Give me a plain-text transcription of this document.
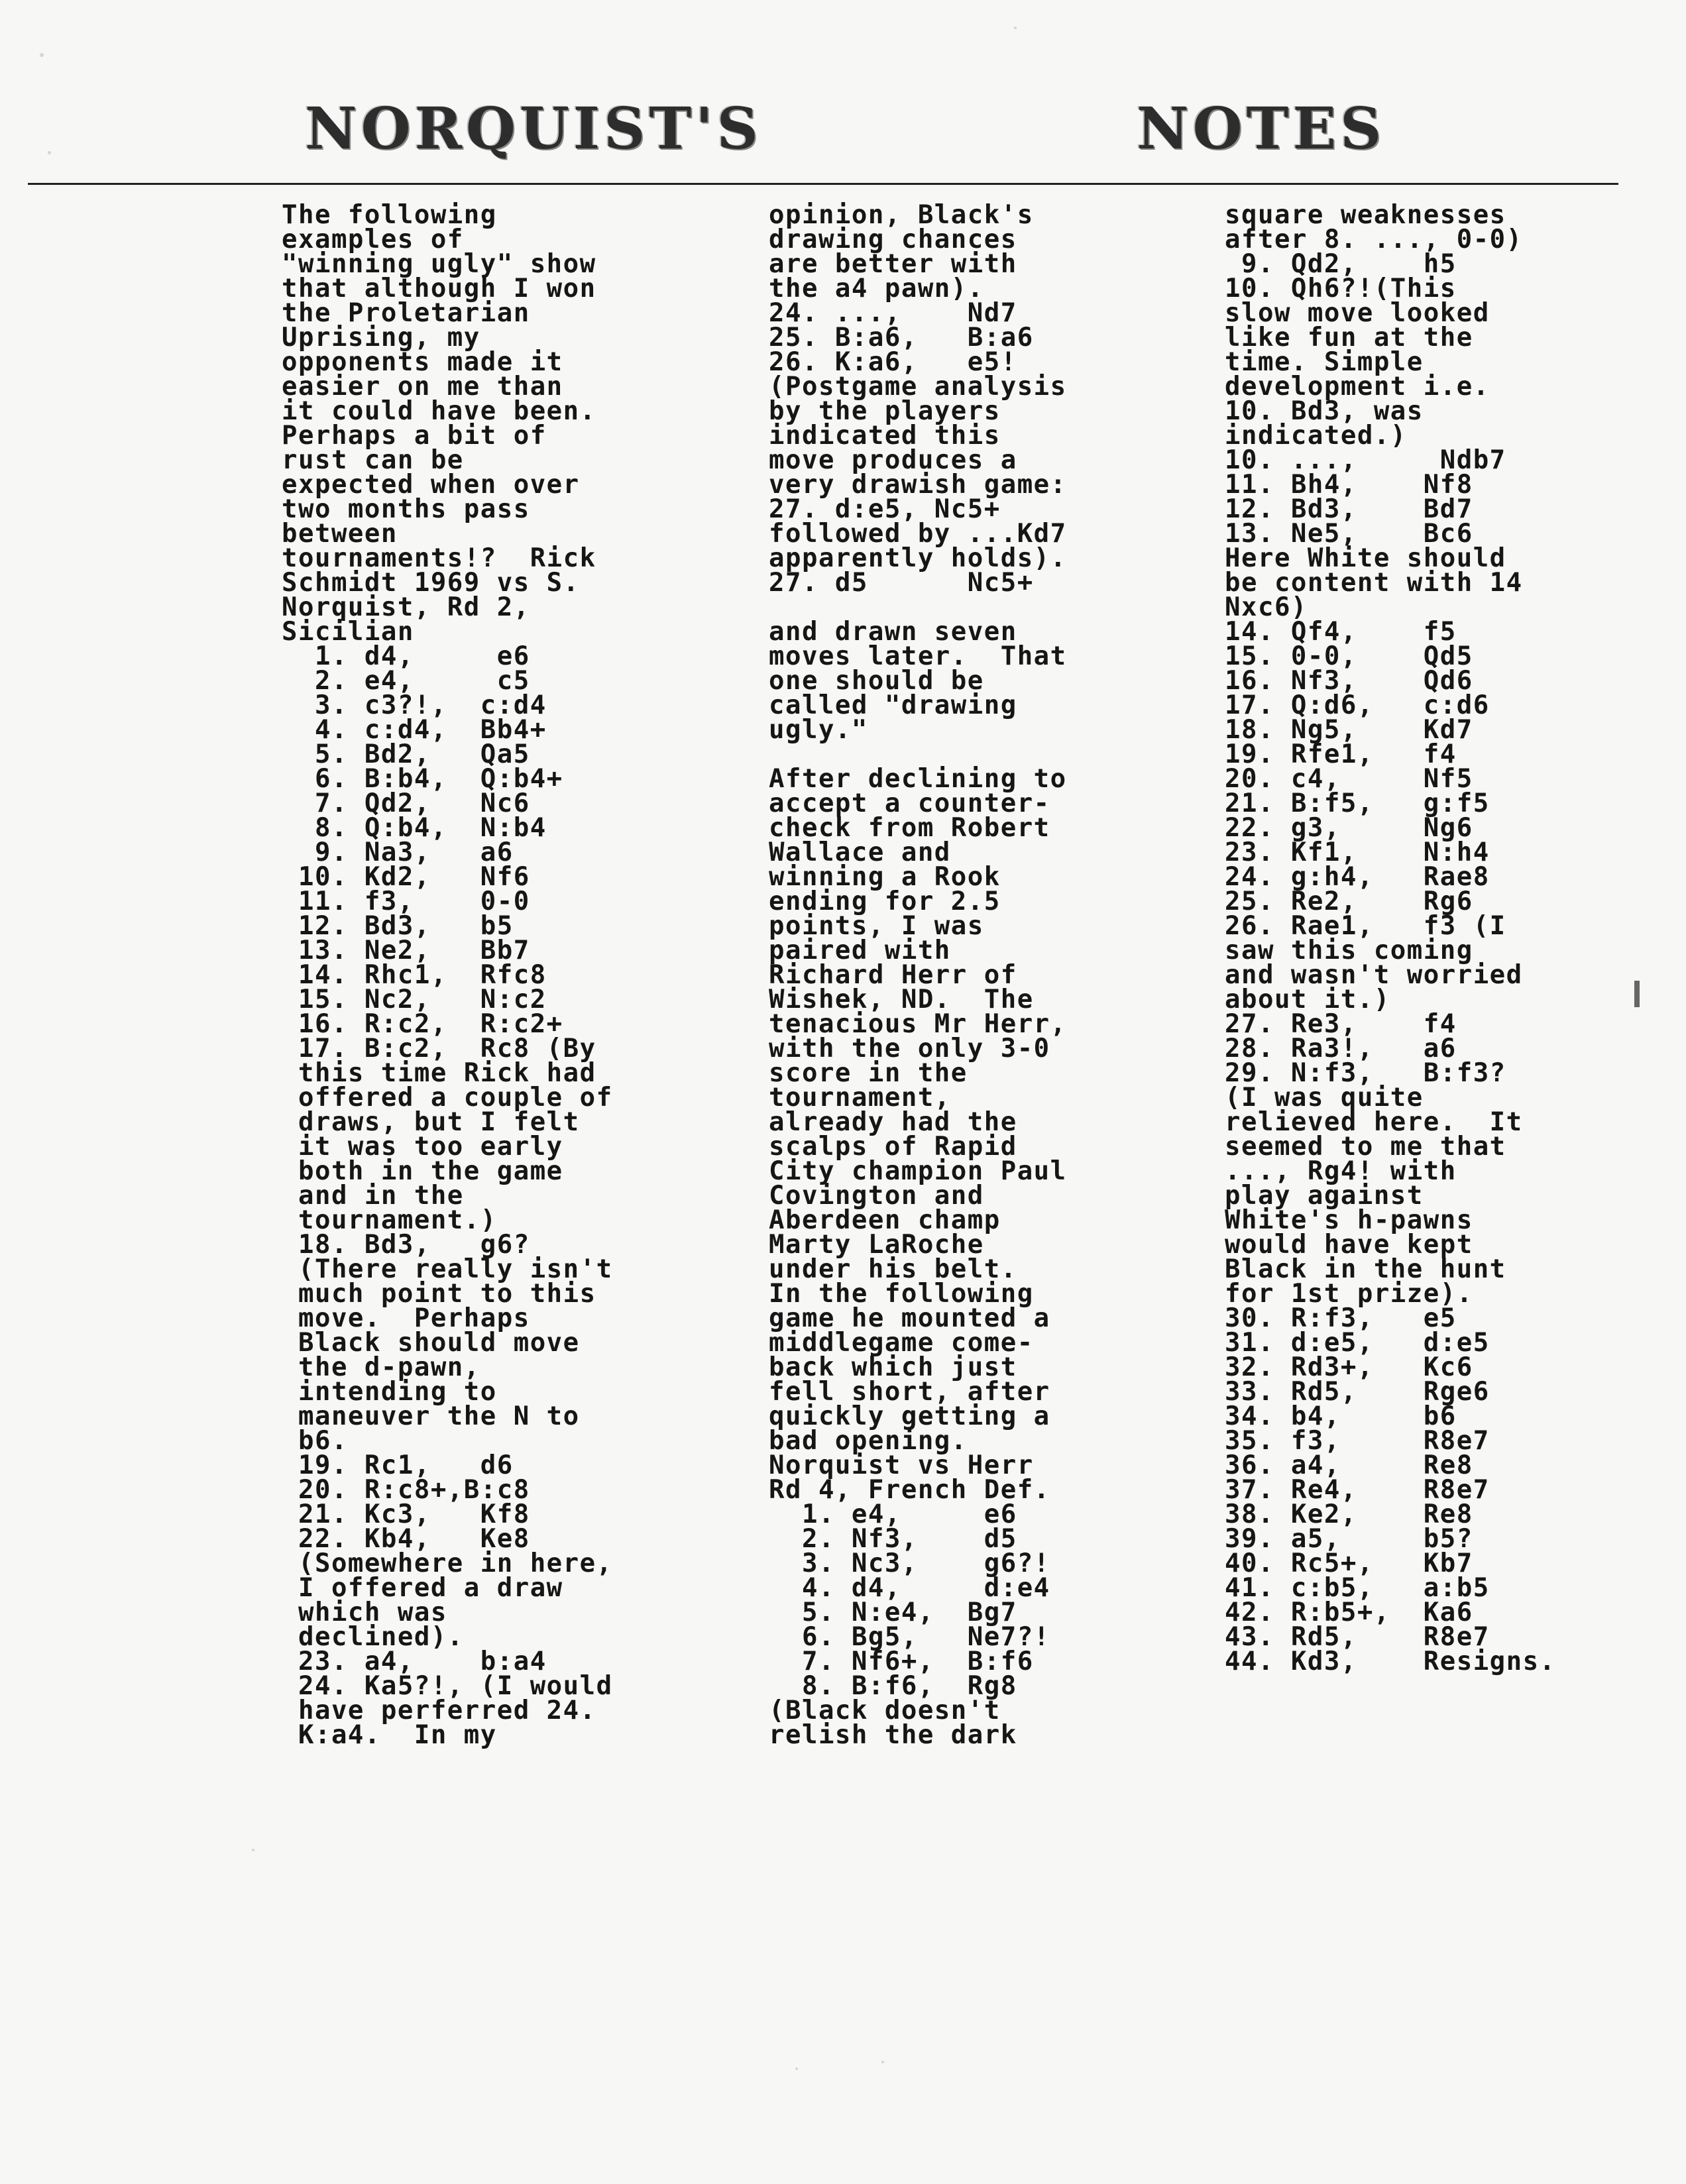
NORQUIST'S	NOTES
The following
examples of
"winning ugly" show
that although I won
the Proletarian
Uprising, my
opponents made it
easier on me than
it could have been.
Perhaps a bit of
rust can be
expected when over
two months pass
between
tournaments!?  Rick
Schmidt 1969 vs S.
Norquist, Rd 2,
Sicilian
1. d4,     e6
2. e4,     c5
3. c3?!,  c:d4
4. c:d4,  Bb4+
5. Bd2,   Qa5
6. B:b4,  Q:b4+
7. Qd2,   Nc6
8. Q:b4,  N:b4
9. Na3,   a6
10. Kd2,   Nf6
11. f3,    0-0
12. Bd3,   b5
13. Ne2,   Bb7
14. Rhc1,  Rfc8
15. Nc2,   N:c2
16. R:c2,  R:c2+
17. B:c2,  Rc8 (By
this time Rick had
offered a couple of
draws, but I felt
it was too early
both in the game
and in the
tournament.)
18. Bd3,   g6?
(There really isn't
much point to this
move.  Perhaps
Black should move
the d-pawn,
intending to
maneuver the N to
b6.
19. Rc1,   d6
20. R:c8+,B:c8
21. Kc3,   Kf8
22. Kb4,   Ke8
(Somewhere in here,
I offered a draw
which was
declined).
23. a4,    b:a4
24. Ka5?!, (I would
have perferred 24.
K:a4.  In my
opinion, Black's
drawing chances
are better with
the a4 pawn).
24. ...,    Nd7
25. B:a6,   B:a6
26. K:a6,   e5!
(Postgame analysis
by the players
indicated this
move produces a
very drawish game:
27. d:e5, Nc5+
followed by ...Kd7
apparently holds).
27. d5      Nc5+
and drawn seven
moves later.  That
one should be
called "drawing
ugly."
After declining to
accept a counter-
check from Robert
Wallace and
winning a Rook
ending for 2.5
points, I was
paired with
Richard Herr of
Wishek, ND.  The
tenacious Mr Herr,
with the only 3-0
score in the
tournament,
already had the
scalps of Rapid
City champion Paul
Covington and
Aberdeen champ
Marty LaRoche
under his belt.
In the following
game he mounted a
middlegame come-
back which just
fell short, after
quickly getting a
bad opening.
Norquist vs Herr
Rd 4, French Def.
1. e4,     e6
2. Nf3,    d5
3. Nc3,    g6?!
4. d4,     d:e4
5. N:e4,  Bg7
6. Bg5,   Ne7?!
7. Nf6+,  B:f6
8. B:f6,  Rg8
(Black doesn't
relish the dark
square weaknesses
after 8. ..., 0-0)
9. Qd2,    h5
10. Qh6?!(This
slow move looked
like fun at the
time. Simple
development i.e.
10. Bd3, was
indicated.)
10. ...,     Ndb7
11. Bh4,    Nf8
12. Bd3,    Bd7
13. Ne5,    Bc6
Here White should
be content with 14
Nxc6)
14. Qf4,    f5
15. 0-0,    Qd5
16. Nf3,    Qd6
17. Q:d6,   c:d6
18. Ng5,    Kd7
19. Rfe1,   f4
20. c4,     Nf5
21. B:f5,   g:f5
22. g3,     Ng6
23. Kf1,    N:h4
24. g:h4,   Rae8
25. Re2,    Rg6
26. Rae1,   f3 (I
saw this coming
and wasn't worried
about it.)
27. Re3,    f4
28. Ra3!,   a6
29. N:f3,   B:f3?
(I was quite
relieved here.  It
seemed to me that
..., Rg4! with
play against
White's h-pawns
would have kept
Black in the hunt
for 1st prize).
30. R:f3,   e5
31. d:e5,   d:e5
32. Rd3+,   Kc6
33. Rd5,    Rge6
34. b4,     b6
35. f3,     R8e7
36. a4,     Re8
37. Re4,    R8e7
38. Ke2,    Re8
39. a5,     b5?
40. Rc5+,   Kb7
41. c:b5,   a:b5
42. R:b5+,  Ka6
43. Rd5,    R8e7
44. Kd3,    Resigns.
